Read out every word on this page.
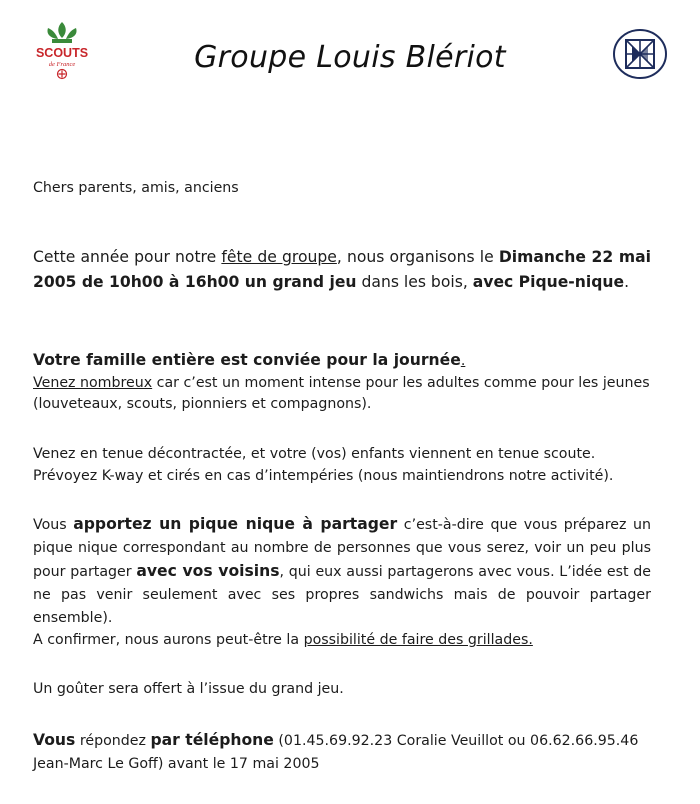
SCOUTS
de France	Groupe Louis Blériot
Chers parents, amis, anciens
Cette année pour notre fête de groupe, nous organisons le Dimanche 22 mai 2005 de 10h00 à 16h00 un grand jeu dans les bois, avec Pique-nique.
Votre famille entière est conviée pour la journée.
Venez nombreux car c’est un moment intense pour les adultes comme pour les jeunes (louveteaux, scouts, pionniers et compagnons).
Venez en tenue décontractée, et votre (vos) enfants viennent en tenue scoute. Prévoyez K-way et cirés en cas d’intempéries (nous maintiendrons notre activité).
Vous apportez un pique nique à partager c’est-à-dire que vous préparez un pique nique correspondant au nombre de personnes que vous serez, voir un peu plus pour partager avec vos voisins, qui eux aussi partagerons avec vous. L’idée est de ne pas venir seulement avec ses propres sandwichs mais de pouvoir partager ensemble).
A confirmer, nous aurons peut-être la possibilité de faire des grillades.
Un goûter sera offert à l’issue du grand jeu.
Vous répondez par téléphone (01.45.69.92.23 Coralie Veuillot ou 06.62.66.95.46 Jean-Marc Le Goff) avant le 17 mai 2005
